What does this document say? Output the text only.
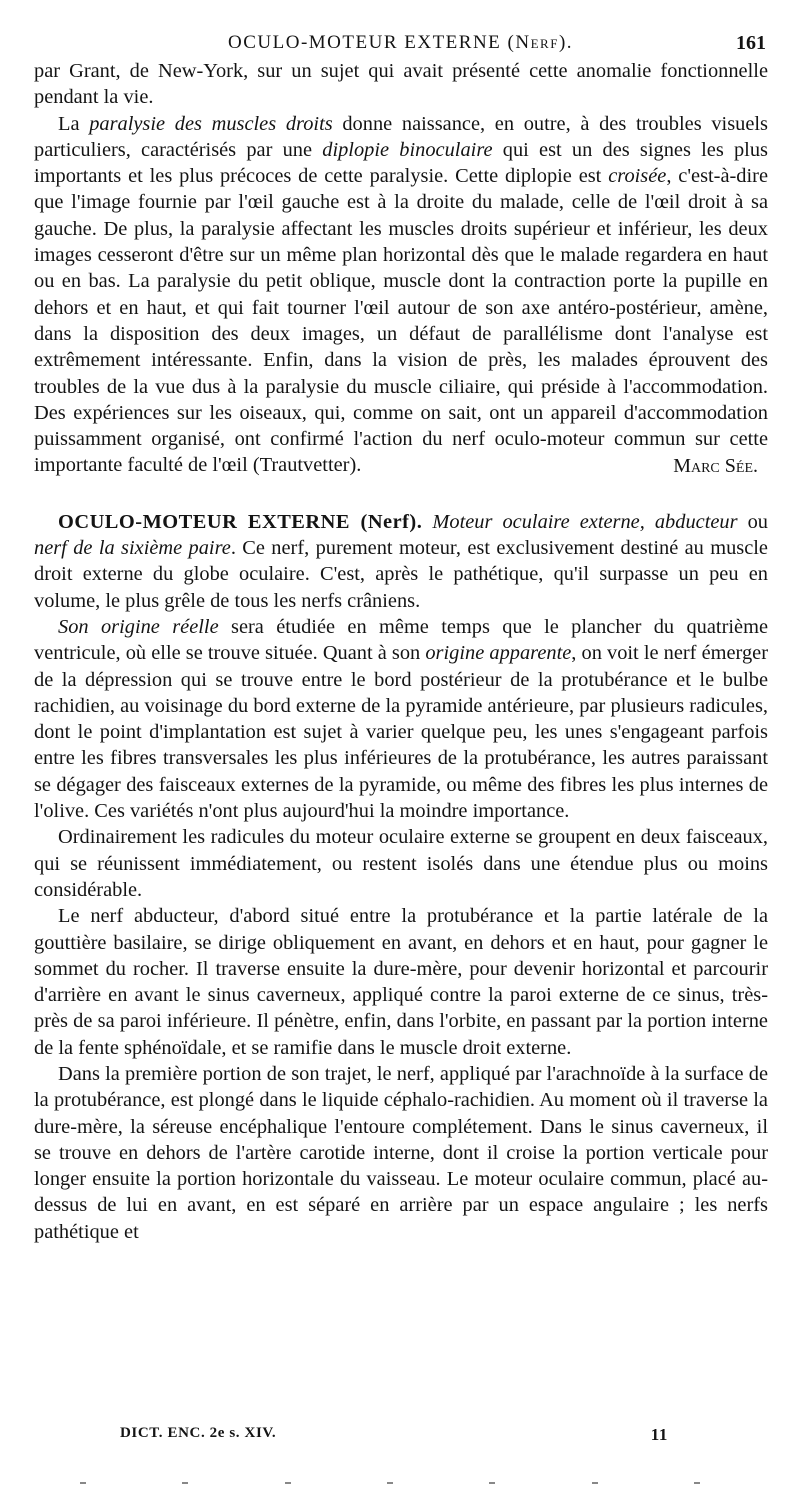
OCULO-MOTEUR EXTERNE (Nerf).	161

par Grant, de New-York, sur un sujet qui avait présenté cette anomalie fonctionnelle pendant la vie.

La paralysie des muscles droits donne naissance, en outre, à des troubles visuels particuliers, caractérisés par une diplopie binoculaire qui est un des signes les plus importants et les plus précoces de cette paralysie. Cette diplopie est croisée, c'est-à-dire que l'image fournie par l'œil gauche est à la droite du malade, celle de l'œil droit à sa gauche. De plus, la paralysie affectant les muscles droits supérieur et inférieur, les deux images cesseront d'être sur un même plan horizontal dès que le malade regardera en haut ou en bas. La paralysie du petit oblique, muscle dont la contraction porte la pupille en dehors et en haut, et qui fait tourner l'œil autour de son axe antéro-postérieur, amène, dans la disposition des deux images, un défaut de parallélisme dont l'analyse est extrêmement intéressante. Enfin, dans la vision de près, les malades éprouvent des troubles de la vue dus à la paralysie du muscle ciliaire, qui préside à l'accommodation. Des expériences sur les oiseaux, qui, comme on sait, ont un appareil d'accommodation puissamment organisé, ont confirmé l'action du nerf oculo-moteur commun sur cette importante faculté de l'œil (Trautvetter).	Marc Sée.

OCULO-MOTEUR EXTERNE (Nerf). Moteur oculaire externe, abducteur ou nerf de la sixième paire. Ce nerf, purement moteur, est exclusivement destiné au muscle droit externe du globe oculaire. C'est, après le pathétique, qu'il surpasse un peu en volume, le plus grêle de tous les nerfs crâniens.

Son origine réelle sera étudiée en même temps que le plancher du quatrième ventricule, où elle se trouve située. Quant à son origine apparente, on voit le nerf émerger de la dépression qui se trouve entre le bord postérieur de la protubérance et le bulbe rachidien, au voisinage du bord externe de la pyramide antérieure, par plusieurs radicules, dont le point d'implantation est sujet à varier quelque peu, les unes s'engageant parfois entre les fibres transversales les plus inférieures de la protubérance, les autres paraissant se dégager des faisceaux externes de la pyramide, ou même des fibres les plus internes de l'olive. Ces variétés n'ont plus aujourd'hui la moindre importance.

Ordinairement les radicules du moteur oculaire externe se groupent en deux faisceaux, qui se réunissent immédiatement, ou restent isolés dans une étendue plus ou moins considérable.

Le nerf abducteur, d'abord situé entre la protubérance et la partie latérale de la gouttière basilaire, se dirige obliquement en avant, en dehors et en haut, pour gagner le sommet du rocher. Il traverse ensuite la dure-mère, pour devenir horizontal et parcourir d'arrière en avant le sinus caverneux, appliqué contre la paroi externe de ce sinus, très-près de sa paroi inférieure. Il pénètre, enfin, dans l'orbite, en passant par la portion interne de la fente sphénoïdale, et se ramifie dans le muscle droit externe.

Dans la première portion de son trajet, le nerf, appliqué par l'arachnoïde à la surface de la protubérance, est plongé dans le liquide céphalo-rachidien. Au moment où il traverse la dure-mère, la séreuse encéphalique l'entoure complétement. Dans le sinus caverneux, il se trouve en dehors de l'artère carotide interne, dont il croise la portion verticale pour longer ensuite la portion horizontale du vaisseau. Le moteur oculaire commun, placé au-dessus de lui en avant, en est séparé en arrière par un espace angulaire ; les nerfs pathétique et

DICT. ENC. 2e s. XIV.	11
